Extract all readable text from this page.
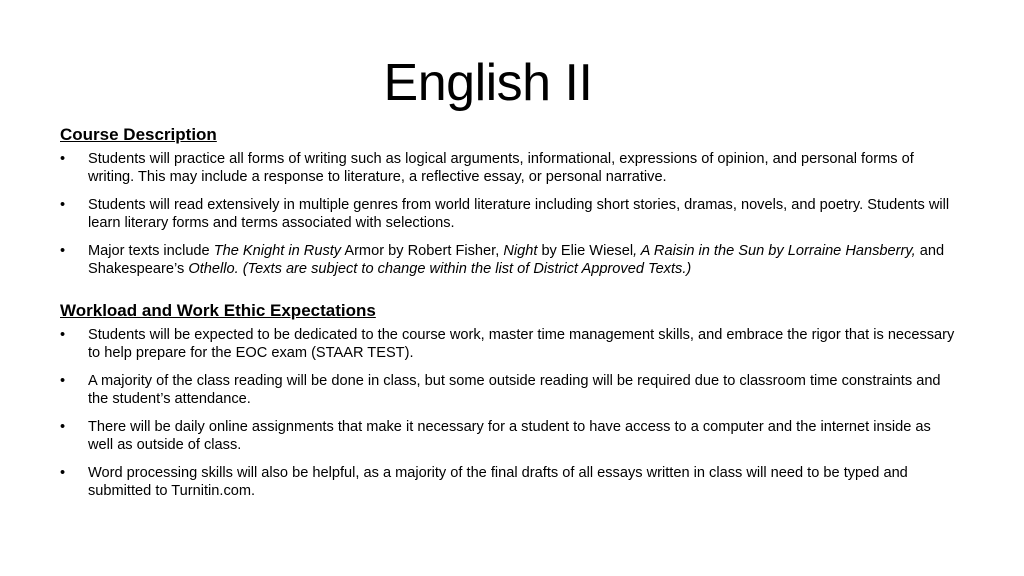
English II
Course Description
•	Students will practice all forms of writing such as logical arguments, informational, expressions of opinion, and personal forms of writing. This may include a response to literature, a reflective essay, or personal narrative.
•	Students will read extensively in multiple genres from world literature including short stories, dramas, novels, and poetry. Students will learn literary forms and terms associated with selections.
•	Major texts include The Knight in Rusty Armor by Robert Fisher, Night by Elie Wiesel, A Raisin in the Sun by Lorraine Hansberry, and Shakespeare’s Othello. (Texts are subject to change within the list of District Approved Texts.)
Workload and Work Ethic Expectations
•	Students will be expected to be dedicated to the course work, master time management skills, and embrace the rigor that is necessary to help prepare for the EOC exam (STAAR TEST).
•	A majority of the class reading will be done in class, but some outside reading will be required due to classroom time constraints and the student’s attendance.
•	There will be daily online assignments that make it necessary for a student to have access to a computer and the internet inside as well as outside of class.
•	Word processing skills will also be helpful, as a majority of the final drafts of all essays written in class will need to be typed and submitted to Turnitin.com.
